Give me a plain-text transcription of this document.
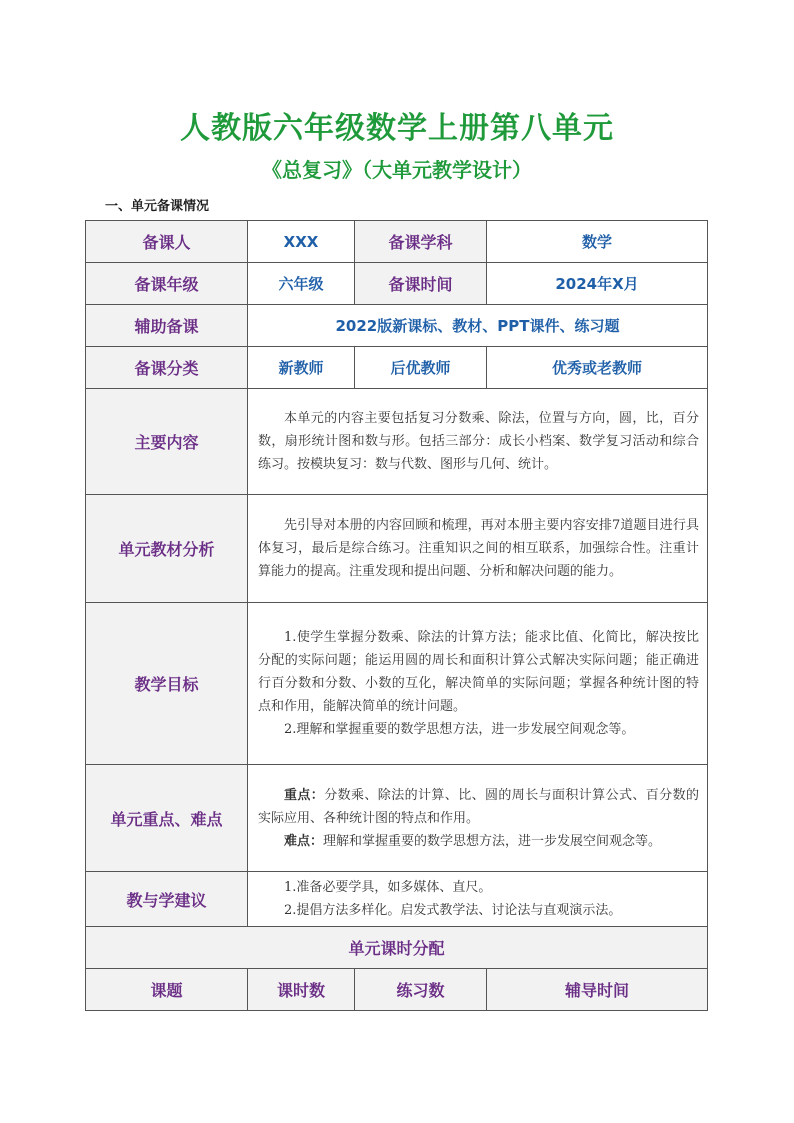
人教版六年级数学上册第八单元
《总复习》（大单元教学设计）
一、单元备课情况
备课人	XXX	备课学科	数学
备课年级	六年级	备课时间	2024年X月
辅助备课	2022版新课标、教材、PPT课件、练习题		
备课分类	新教师	后优教师	优秀或老教师
主要内容	本单元的内容主要包括复习分数乘、除法，位置与方向，圆，比，百分数，扇形统计图和数与形。包括三部分：成长小档案、数学复习活动和综合练习。按模块复习：数与代数、图形与几何、统计。		

单元教材分析	先引导对本册的内容回顾和梳理，再对本册主要内容安排7道题目进行具体复习，最后是综合练习。注重知识之间的相互联系，加强综合性。注重计算能力的提高。注重发现和提出问题、分析和解决问题的能力。		

教学目标	1.使学生掌握分数乘、除法的计算方法；能求比值、化简比，解决按比分配的实际问题；能运用圆的周长和面积计算公式解决实际问题；能正确进行百分数和分数、小数的互化，解决简单的实际问题；掌握各种统计图的特点和作用，能解决简单的统计问题。

2.理解和掌握重要的数学思想方法，进一步发展空间观念等。		

单元重点、难点	重点：分数乘、除法的计算、比、圆的周长与面积计算公式、百分数的实际应用、各种统计图的特点和作用。

难点：理解和掌握重要的数学思想方法，进一步发展空间观念等。		

教与学建议	1.准备必要学具，如多媒体、直尺。

2.提倡方法多样化。启发式教学法、讨论法与直观演示法。		

单元课时分配			
课题	课时数	练习数	辅导时间
